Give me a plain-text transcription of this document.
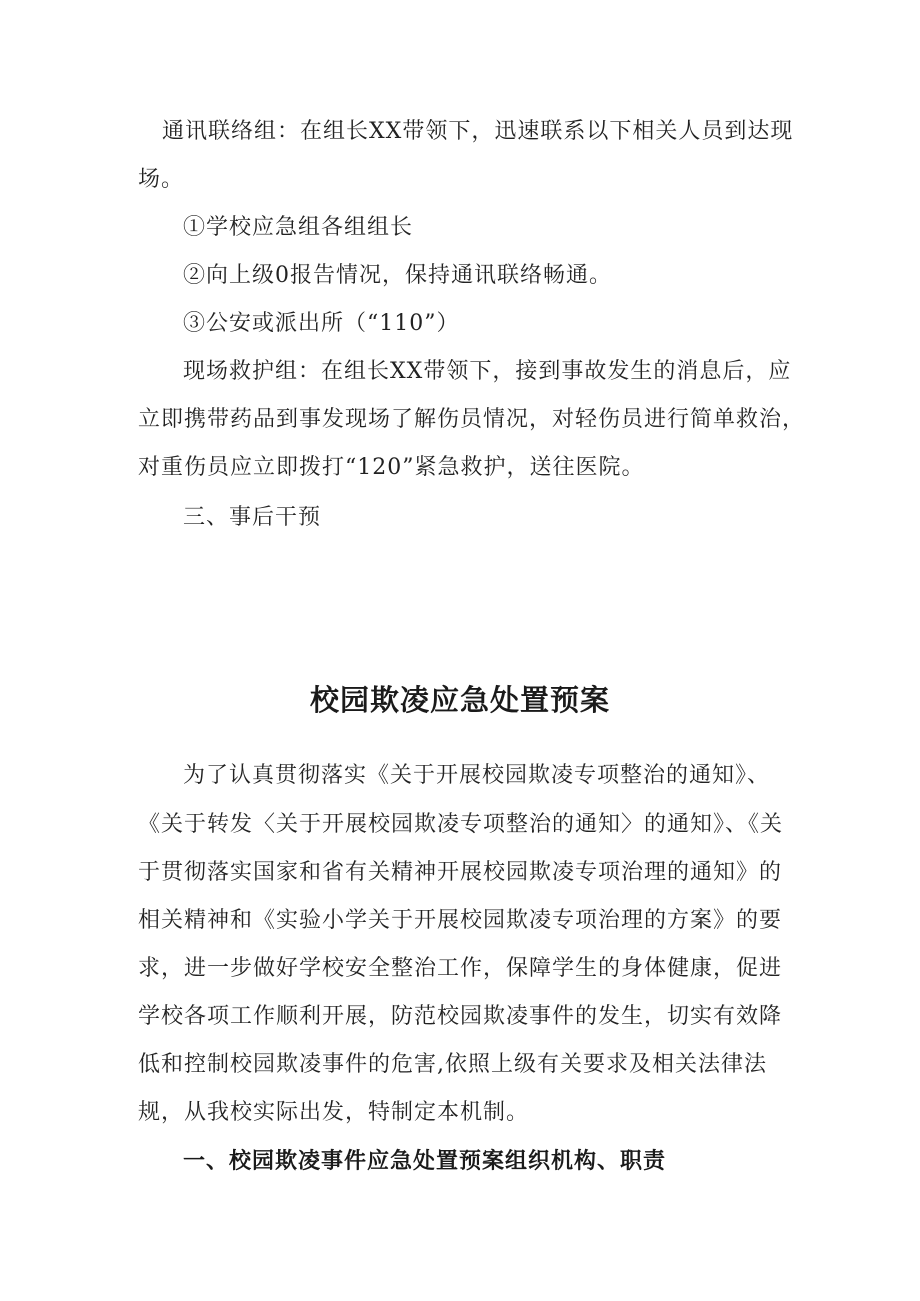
通讯联络组：在组长XX带领下，迅速联系以下相关人员到达现
场。
①学校应急组各组组长
②向上级0报告情况，保持通讯联络畅通。
③公安或派出所（“110”）
现场救护组：在组长XX带领下，接到事故发生的消息后，应
立即携带药品到事发现场了解伤员情况，对轻伤员进行简单救治，
对重伤员应立即拨打“120”紧急救护，送往医院。
三、事后干预
校园欺凌应急处置预案
为了认真贯彻落实《关于开展校园欺凌专项整治的通知》、
《关于转发〈关于开展校园欺凌专项整治的通知〉的通知》、《关
于贯彻落实国家和省有关精神开展校园欺凌专项治理的通知》的
相关精神和《实验小学关于开展校园欺凌专项治理的方案》的要
求，进一步做好学校安全整治工作，保障学生的身体健康，促进
学校各项工作顺利开展，防范校园欺凌事件的发生，切实有效降
低和控制校园欺凌事件的危害,依照上级有关要求及相关法律法
规，从我校实际出发，特制定本机制。
一、校园欺凌事件应急处置预案组织机构、职责
